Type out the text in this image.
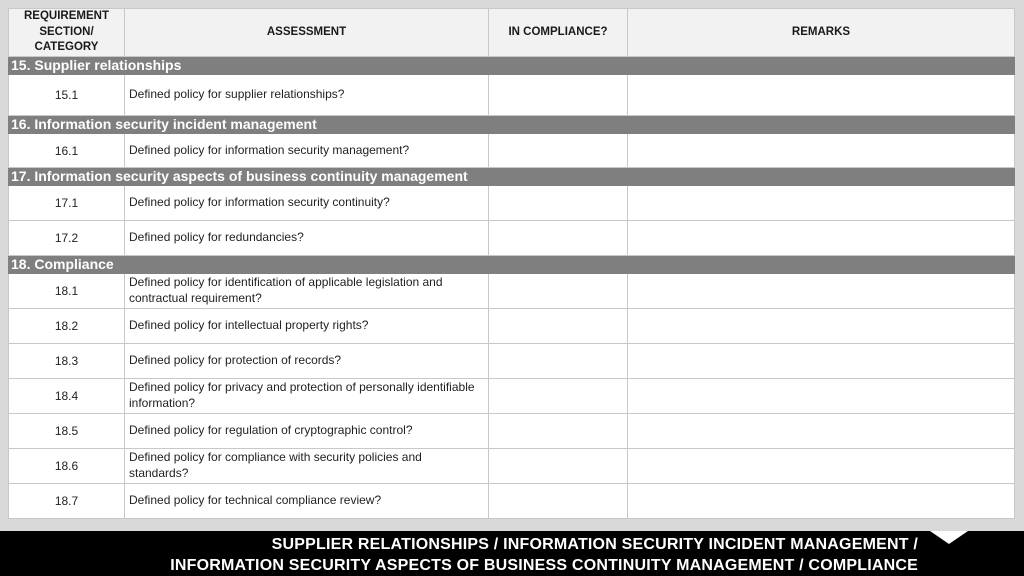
REQUIREMENT SECTION/ CATEGORY	ASSESSMENT	IN COMPLIANCE?	REMARKS
15. Supplier relationships			
15.1	Defined policy for supplier relationships?		
16. Information security incident management			
16.1	Defined policy for information security management?		
17. Information security aspects of business continuity management			
17.1	Defined policy for information security continuity?		
17.2	Defined policy for redundancies?		
18. Compliance			
18.1	Defined policy for identification of applicable legislation and contractual requirement?		
18.2	Defined policy for intellectual property rights?		
18.3	Defined policy for protection of records?		
18.4	Defined policy for privacy and protection of personally identifiable information?		
18.5	Defined policy for regulation of cryptographic control?		
18.6	Defined policy for compliance with security policies and standards?		
18.7	Defined policy for technical compliance review?		
SUPPLIER RELATIONSHIPS / INFORMATION SECURITY INCIDENT MANAGEMENT /
INFORMATION SECURITY ASPECTS OF BUSINESS CONTINUITY MANAGEMENT / COMPLIANCE
